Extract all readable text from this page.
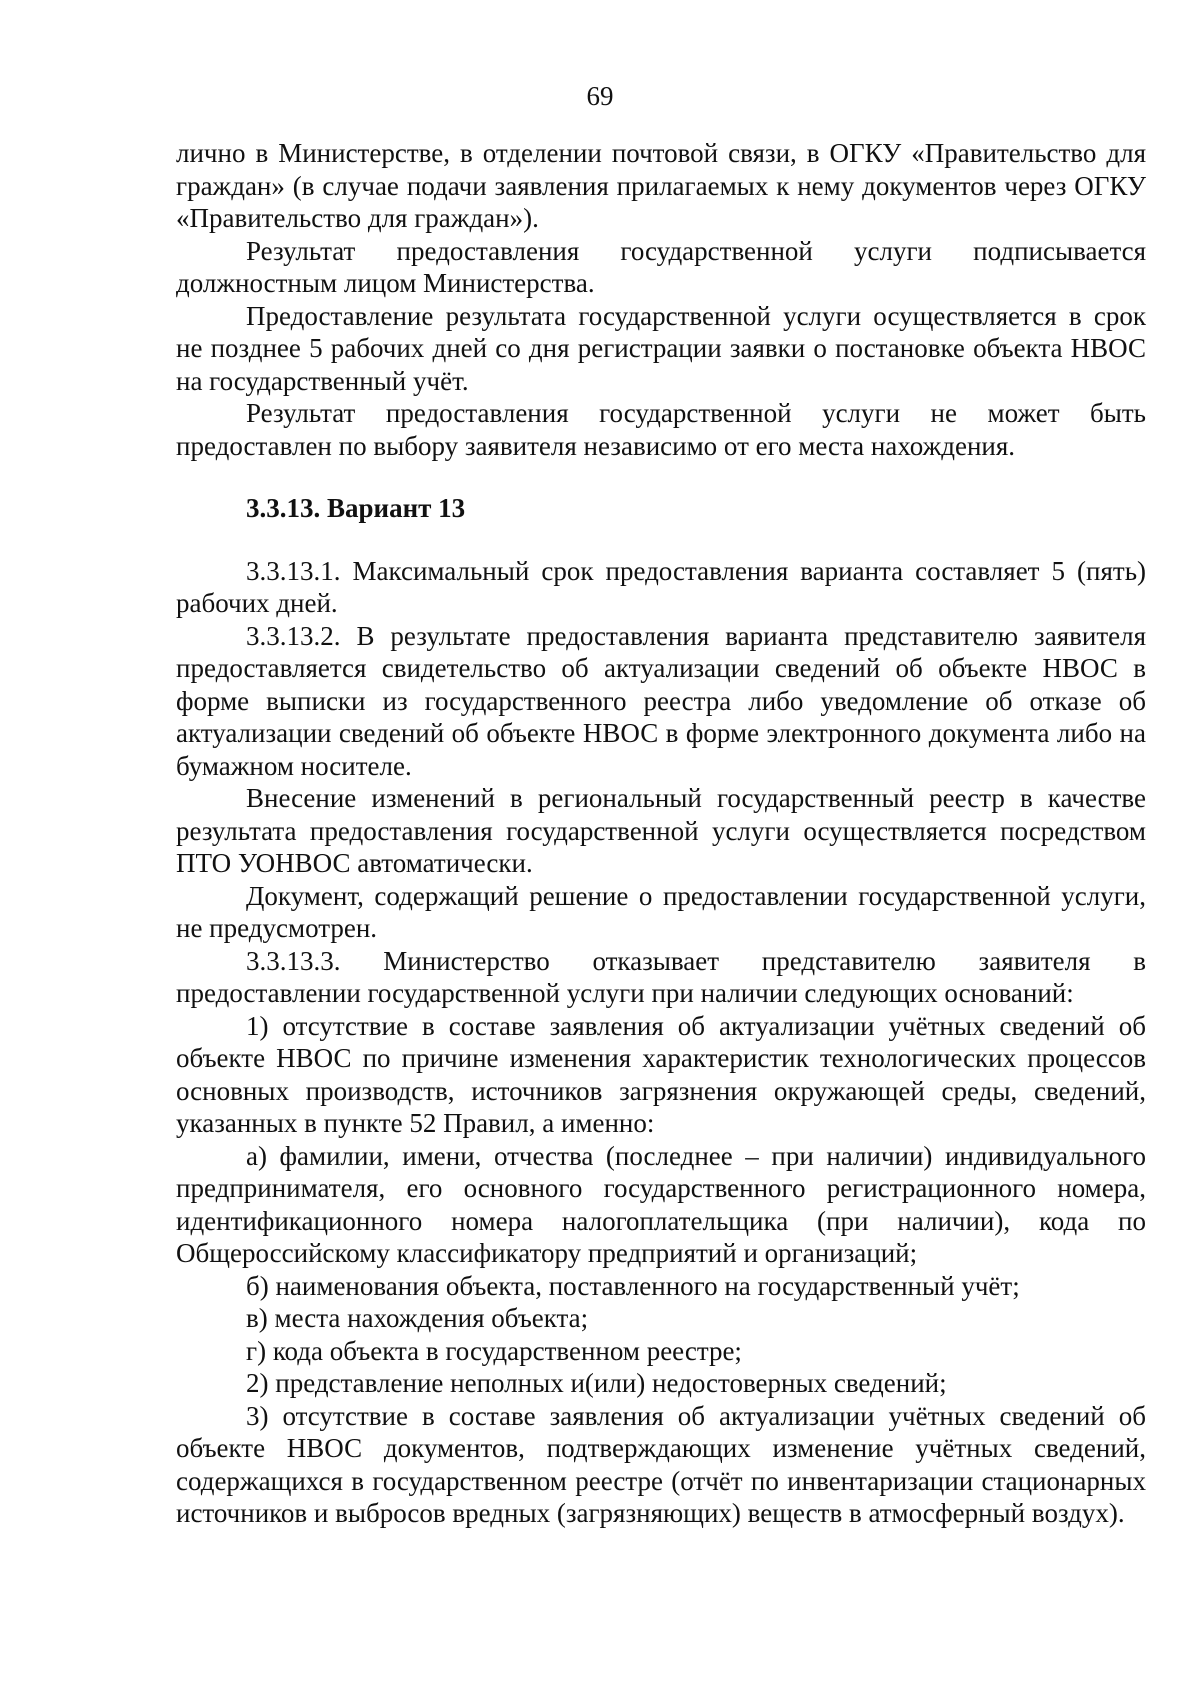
69

лично в Министерстве, в отделении почтовой связи, в ОГКУ «Правительство для граждан» (в случае подачи заявления прилагаемых к нему документов через ОГКУ «Правительство для граждан»).

Результат предоставления государственной услуги подписывается должностным лицом Министерства.

Предоставление результата государственной услуги осуществляется в срок не позднее 5 рабочих дней со дня регистрации заявки о постановке объекта НВОС на государственный учёт.

Результат предоставления государственной услуги не может быть предоставлен по выбору заявителя независимо от его места нахождения.

3.3.13. Вариант 13

3.3.13.1. Максимальный срок предоставления варианта составляет 5 (пять) рабочих дней.

3.3.13.2. В результате предоставления варианта представителю заявителя предоставляется свидетельство об актуализации сведений об объекте НВОС в форме выписки из государственного реестра либо уведомление об отказе об актуализации сведений об объекте НВОС в форме электронного документа либо на бумажном носителе.

Внесение изменений в региональный государственный реестр в качестве результата предоставления государственной услуги осуществляется посредством ПТО УОНВОС автоматически.

Документ, содержащий решение о предоставлении государственной услуги, не предусмотрен.

3.3.13.3. Министерство отказывает представителю заявителя в предоставлении государственной услуги при наличии следующих оснований:

1) отсутствие в составе заявления об актуализации учётных сведений об объекте НВОС по причине изменения характеристик технологических процессов основных производств, источников загрязнения окружающей среды, сведений, указанных в пункте 52 Правил, а именно:

а) фамилии, имени, отчества (последнее – при наличии) индивидуального предпринимателя, его основного государственного регистрационного номера, идентификационного номера налогоплательщика (при наличии), кода по Общероссийскому классификатору предприятий и организаций;

б) наименования объекта, поставленного на государственный учёт;

в) места нахождения объекта;

г) кода объекта в государственном реестре;

2) представление неполных и(или) недостоверных сведений;

3) отсутствие в составе заявления об актуализации учётных сведений об объекте НВОС документов, подтверждающих изменение учётных сведений, содержащихся в государственном реестре (отчёт по инвентаризации стационарных источников и выбросов вредных (загрязняющих) веществ в атмосферный воздух).
